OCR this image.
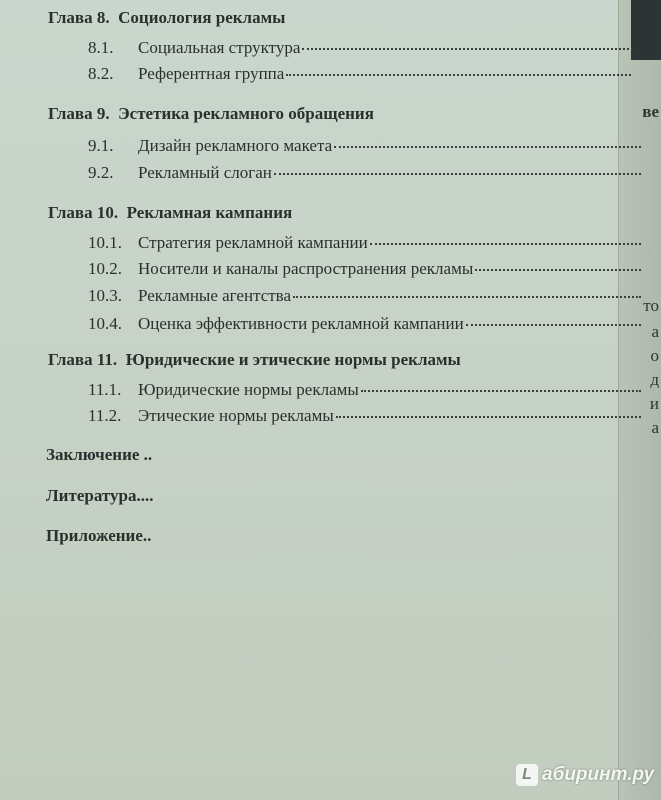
ве
то
а
о
д
и
а
Глава 8. Социология рекламы
8.1.	Социальная структура
8.2.	Референтная группа
Глава 9. Эстетика рекламного обращения
9.1.	Дизайн рекламного макета
9.2.	Рекламный слоган
Глава 10. Рекламная кампания
10.1. Стратегия рекламной кампании
10.2. Носители и каналы распространения рекламы
10.3. Рекламные агентства
10.4. Оценка эффективности рекламной кампании
Глава 11. Юридические и этические нормы рекламы
11.1. Юридические нормы рекламы
11.2. Этические нормы рекламы
Заключение ..
Литература....
Приложение..
L абиринт.ру
